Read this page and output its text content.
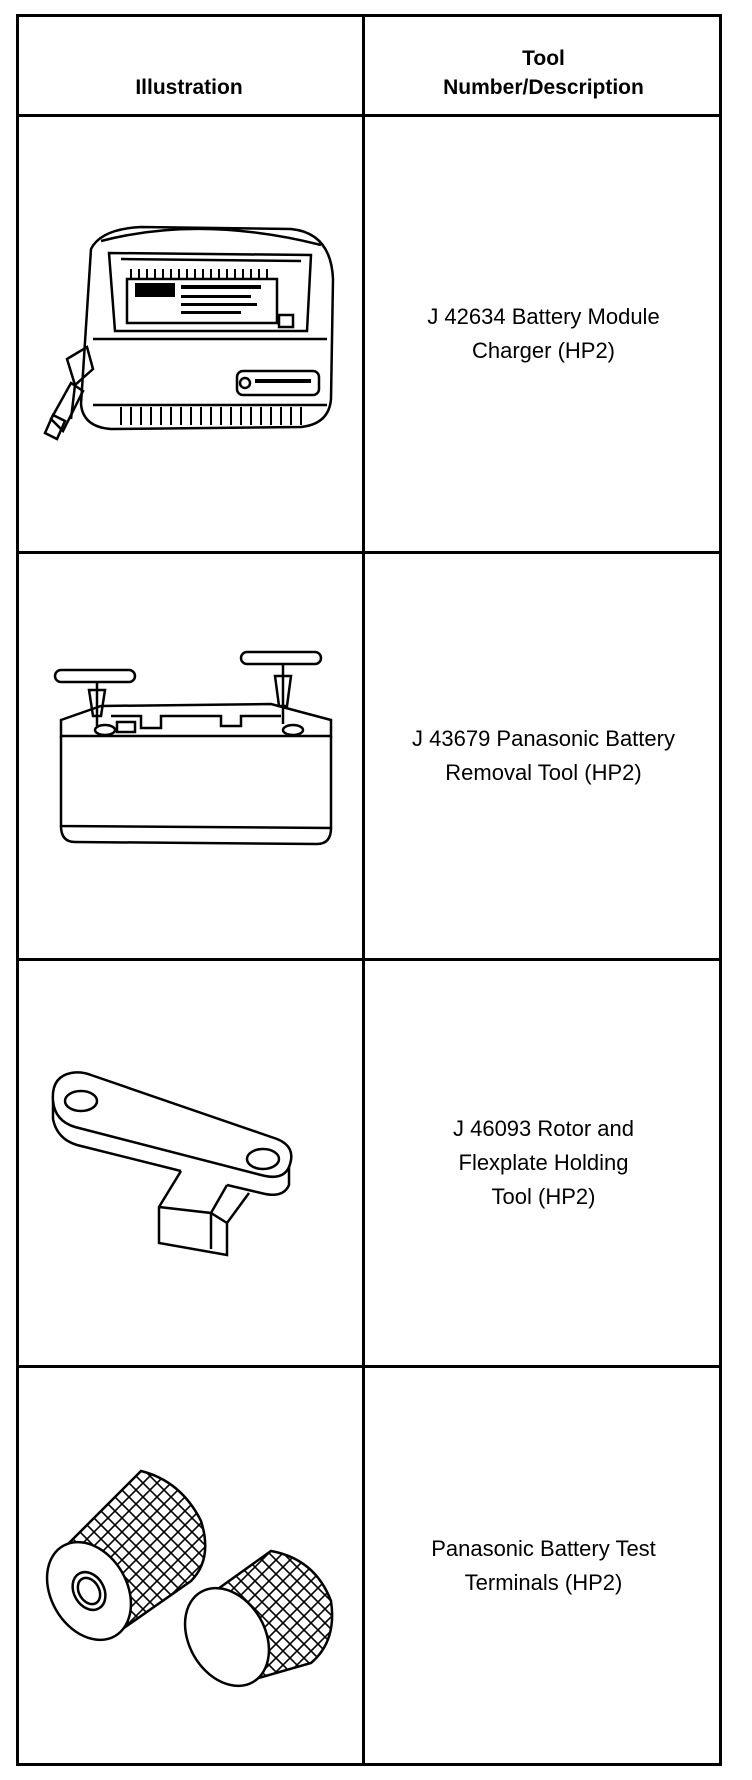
Illustration
Tool
Number/Description
J 42634 Battery Module
Charger (HP2)
J 43679 Panasonic Battery
Removal Tool (HP2)
J 46093 Rotor and
Flexplate Holding
Tool (HP2)
Panasonic Battery Test
Terminals (HP2)
